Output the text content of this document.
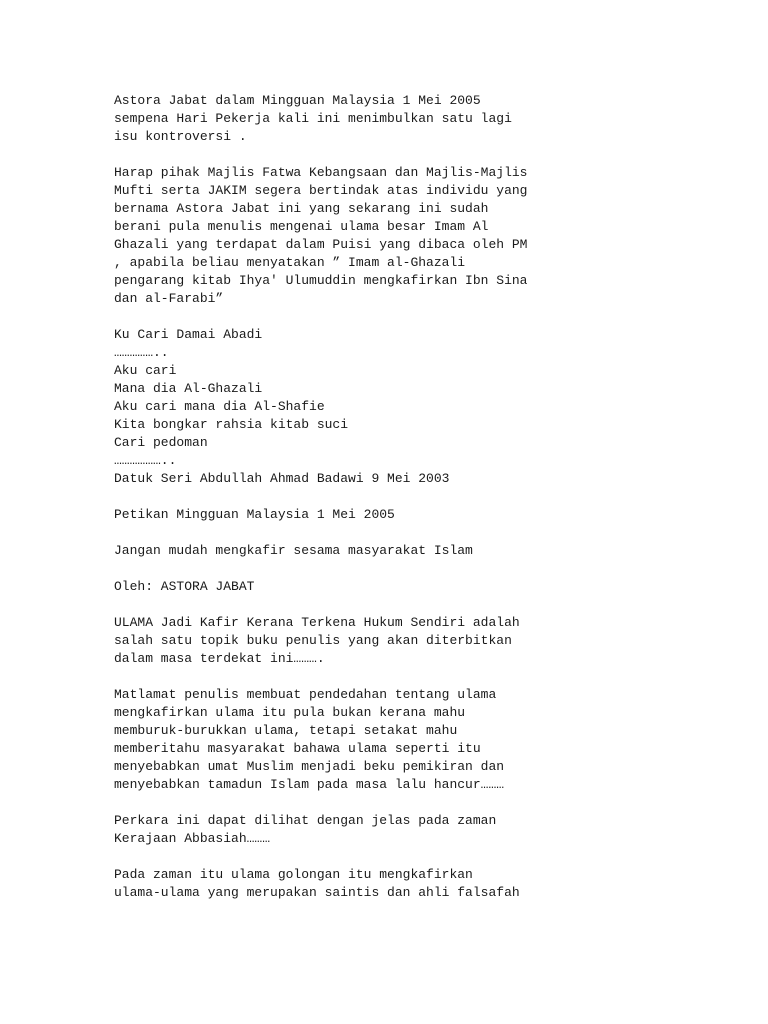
Astora Jabat dalam Mingguan Malaysia 1 Mei 2005
sempena Hari Pekerja kali ini menimbulkan satu lagi
isu kontroversi .
Harap pihak Majlis Fatwa Kebangsaan dan Majlis-Majlis
Mufti serta JAKIM segera bertindak atas individu yang
bernama Astora Jabat ini yang sekarang ini sudah
berani pula menulis mengenai ulama besar Imam Al
Ghazali yang terdapat dalam Puisi yang dibaca oleh PM
, apabila beliau menyatakan ” Imam al-Ghazali
pengarang kitab Ihya' Ulumuddin mengkafirkan Ibn Sina
dan al-Farabi”
Ku Cari Damai Abadi
……………..
Aku cari
Mana dia Al-Ghazali
Aku cari mana dia Al-Shafie
Kita bongkar rahsia kitab suci
Cari pedoman
………………..
Datuk Seri Abdullah Ahmad Badawi 9 Mei 2003
Petikan Mingguan Malaysia 1 Mei 2005
Jangan mudah mengkafir sesama masyarakat Islam
Oleh: ASTORA JABAT
ULAMA Jadi Kafir Kerana Terkena Hukum Sendiri adalah
salah satu topik buku penulis yang akan diterbitkan
dalam masa terdekat ini……….
Matlamat penulis membuat pendedahan tentang ulama
mengkafirkan ulama itu pula bukan kerana mahu
memburuk-burukkan ulama, tetapi setakat mahu
memberitahu masyarakat bahawa ulama seperti itu
menyebabkan umat Muslim menjadi beku pemikiran dan
menyebabkan tamadun Islam pada masa lalu hancur………
Perkara ini dapat dilihat dengan jelas pada zaman
Kerajaan Abbasiah………
Pada zaman itu ulama golongan itu mengkafirkan
ulama-ulama yang merupakan saintis dan ahli falsafah
